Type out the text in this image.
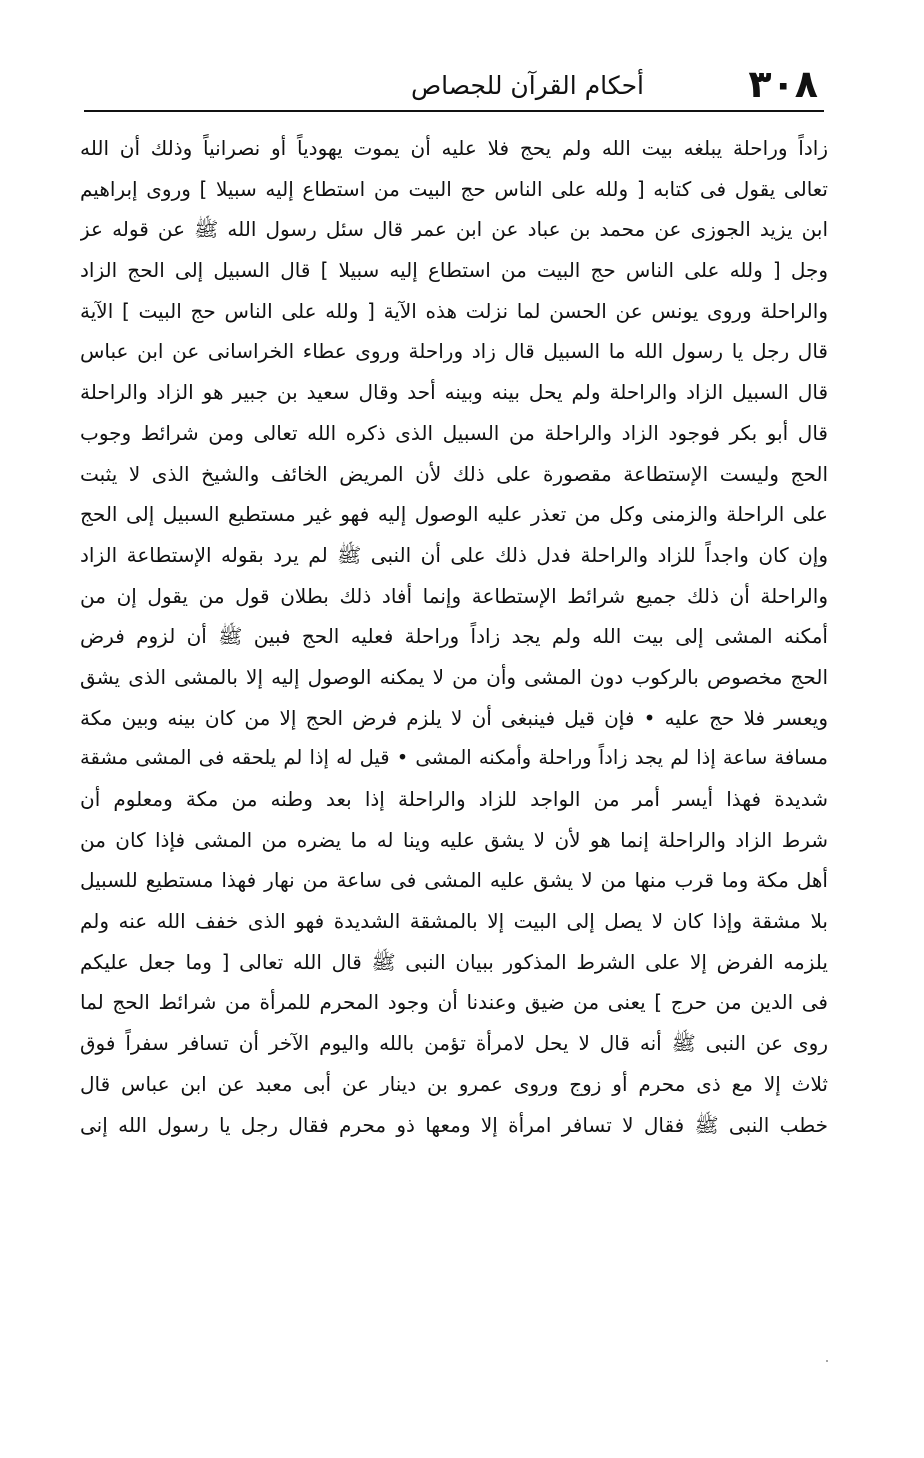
٣٠٨
أحكام القرآن للجصاص
زاداً وراحلة يبلغه بيت الله ولم يحج فلا عليه أن يموت يهودياً أو نصرانياً وذلك أن الله
تعالى يقول فى كتابه [ ولله على الناس حج البيت من استطاع إليه سبيلا ] وروى إبراهيم
ابن يزيد الجوزى عن محمد بن عباد عن ابن عمر قال سئل رسول الله ﷺ عن قوله عز
وجل [ ولله على الناس حج البيت من استطاع إليه سبيلا ] قال السبيل إلى الحج الزاد
والراحلة وروى يونس عن الحسن لما نزلت هذه الآية [ ولله على الناس حج البيت ] الآية
قال رجل يا رسول الله ما السبيل قال زاد وراحلة وروى عطاء الخراسانى عن ابن عباس
قال السبيل الزاد والراحلة ولم يحل بينه وبينه أحد وقال سعيد بن جبير هو الزاد والراحلة
قال أبو بكر فوجود الزاد والراحلة من السبيل الذى ذكره الله تعالى ومن شرائط وجوب
الحج وليست الإستطاعة مقصورة على ذلك لأن المريض الخائف والشيخ الذى لا يثبت
على الراحلة والزمنى وكل من تعذر عليه الوصول إليه فهو غير مستطيع السبيل إلى الحج
وإن كان واجداً للزاد والراحلة فدل ذلك على أن النبى ﷺ لم يرد بقوله الإستطاعة الزاد
والراحلة أن ذلك جميع شرائط الإستطاعة وإنما أفاد ذلك بطلان قول من يقول إن من
أمكنه المشى إلى بيت الله ولم يجد زاداً وراحلة فعليه الحج فبين ﷺ أن لزوم فرض
الحج مخصوص بالركوب دون المشى وأن من لا يمكنه الوصول إليه إلا بالمشى الذى يشق
ويعسر فلا حج عليه • فإن قيل فينبغى أن لا يلزم فرض الحج إلا من كان بينه وبين مكة
مسافة ساعة إذا لم يجد زاداً وراحلة وأمكنه المشى • قيل له إذا لم يلحقه فى المشى مشقة
شديدة فهذا أيسر أمر من الواجد للزاد والراحلة إذا بعد وطنه من مكة ومعلوم أن
شرط الزاد والراحلة إنما هو لأن لا يشق عليه وينا له ما يضره من المشى فإذا كان من
أهل مكة وما قرب منها من لا يشق عليه المشى فى ساعة من نهار فهذا مستطيع للسبيل
بلا مشقة وإذا كان لا يصل إلى البيت إلا بالمشقة الشديدة فهو الذى خفف الله عنه ولم
يلزمه الفرض إلا على الشرط المذكور ببيان النبى ﷺ قال الله تعالى [ وما جعل عليكم
فى الدين من حرج ] يعنى من ضيق وعندنا أن وجود المحرم للمرأة من شرائط الحج لما
روى عن النبى ﷺ أنه قال لا يحل لامرأة تؤمن بالله واليوم الآخر أن تسافر سفراً فوق
ثلاث إلا مع ذى محرم أو زوج وروى عمرو بن دينار عن أبى معبد عن ابن عباس قال
خطب النبى ﷺ فقال لا تسافر امرأة إلا ومعها ذو محرم فقال رجل يا رسول الله إنى
